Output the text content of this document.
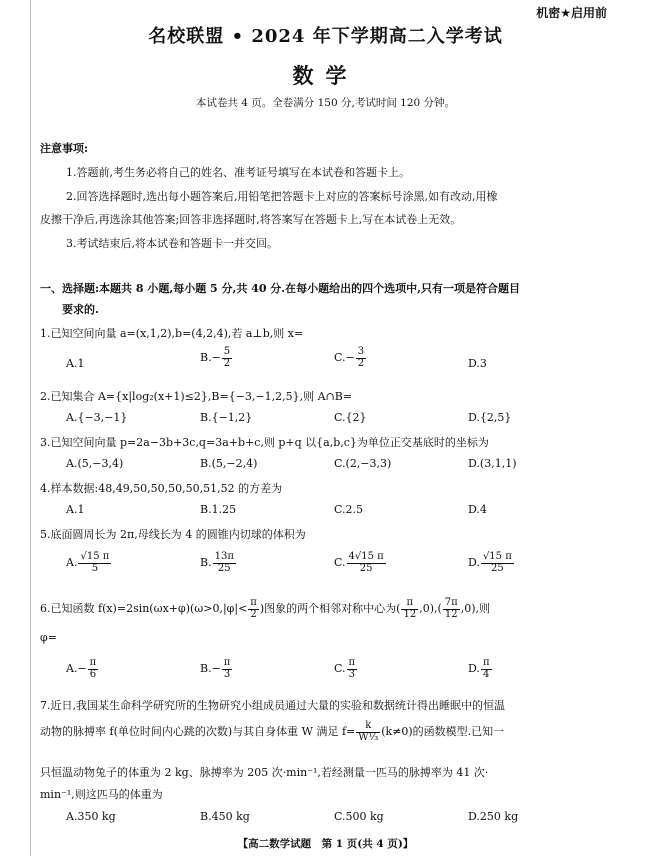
机密★启用前
名校联盟 • 2024 年下学期高二入学考试
数学
本试卷共 4 页。全卷满分 150 分,考试时间 120 分钟。
注意事项:
1.答题前,考生务必将自己的姓名、准考证号填写在本试卷和答题卡上。
2.回答选择题时,选出每小题答案后,用铅笔把答题卡上对应的答案标号涂黑,如有改动,用橡
皮擦干净后,再选涂其他答案;回答非选择题时,将答案写在答题卡上,写在本试卷上无效。
3.考试结束后,将本试卷和答题卡一并交回。
一、选择题:本题共 8 小题,每小题 5 分,共 40 分.在每小题给出的四个选项中,只有一项是符合题目
要求的.
1.已知空间向量 a=(x,1,2),b=(4,2,4),若 a⊥b,则 x=
A.1	$B.- \frac{5}{2}$	$C.- \frac{3}{2}$	D.3
2.已知集合 A={x|log₂(x+1)≤2},B={−3,−1,2,5},则 A∩B=
A.{−3,−1}	B.{−1,2}	C.{2}	D.{2,5}
3.已知空间向量 p=2a−3b+3c,q=3a+b+c,则 p+q 以{a,b,c}为单位正交基底时的坐标为
A.(5,−3,4)	B.(5,−2,4)	C.(2,−3,3)	D.(3,1,1)
4.样本数据:48,49,50,50,50,50,51,52 的方差为
A.1	B.1.25	C.2.5	D.4
5.底面圆周长为 2π,母线长为 4 的圆锥内切球的体积为
A. $\frac{√15 \pi}{5}$	B. $\frac{13\pi}{25}$	C. $\frac{4√15 \pi}{25}$	D. $\frac{√15 \pi}{25}$
6.已知函数 $f(x)=2\sin(\omega x+\varphi)(\omega>0,|\varphi|< \frac{\pi}{2}$ )图象的两个相邻对称中心为( $\frac{\pi}{12} ,0),( \frac{7\pi}{12} ,0)$,则
φ=
$A.- \frac{\pi}{6}$	$B.- \frac{\pi}{3}$	C. $\frac{\pi}{3}$	D. $\frac{\pi}{4}$
7.近日,我国某生命科学研究所的生物研究小组成员通过大量的实验和数据统计得出睡眠中的恒温
动物的脉搏率 f(单位时间内心跳的次数)与其自身体重 W 满足 $f= \frac{k}{\text{W¹⁄₃}} (k\ne 0)$的函数模型.已知一
只恒温动物兔子的体重为 2 kg、脉搏率为 205 次·min⁻¹,若经测量一匹马的脉搏率为 41 次·
min⁻¹,则这匹马的体重为
A.350 kg	B.450 kg	C.500 kg	D.250 kg
【高二数学试题　第 1 页(共 4 页)】
